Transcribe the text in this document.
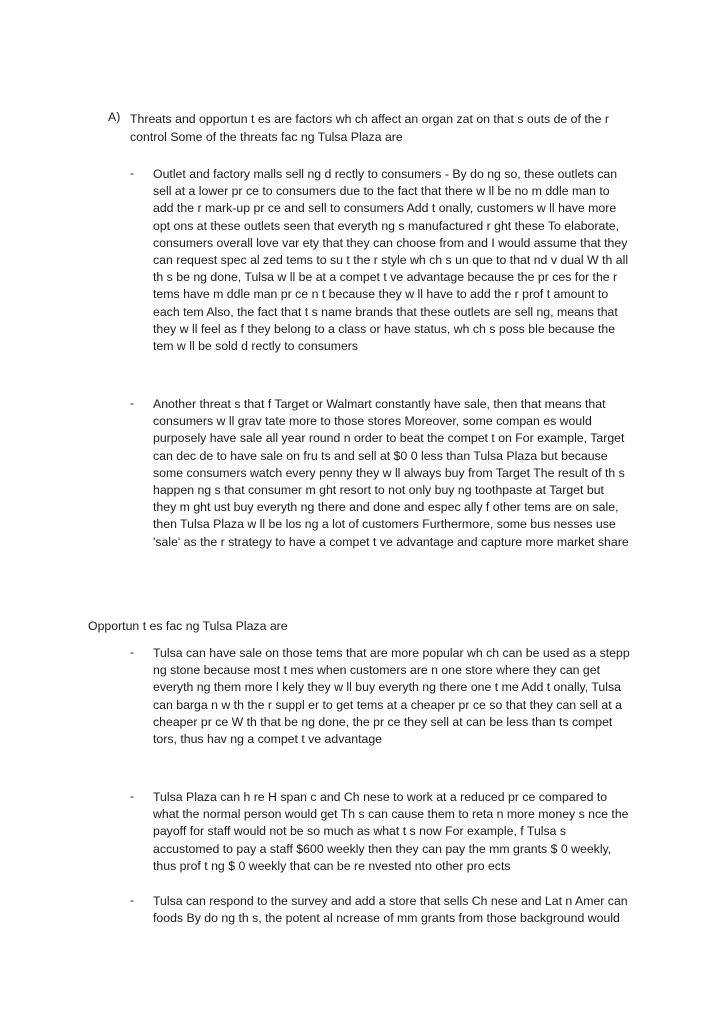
A) Threats and opportun t es are factors wh ch affect an organ zat on that s outs de of the r control Some of the threats fac ng Tulsa Plaza are
- Outlet and factory malls sell ng d rectly to consumers - By do ng so, these outlets can sell at a lower pr ce to consumers due to the fact that there w ll be no m ddle man to add the r mark-up pr ce and sell to consumers Add t onally, customers w ll have more opt ons at these outlets seen that everyth ng s manufactured r ght these To elaborate, consumers overall love var ety that they can choose from and I would assume that they can request spec al zed tems to su t the r style wh ch s un que to that nd v dual W th all th s be ng done, Tulsa w ll be at a compet t ve advantage because the pr ces for the r tems have m ddle man pr ce n t because they w ll have to add the r prof t amount to each tem Also, the fact that t s name brands that these outlets are sell ng, means that they w ll feel as f they belong to a class or have status, wh ch s poss ble because the tem w ll be sold d rectly to consumers
- Another threat s that f Target or Walmart constantly have sale, then that means that consumers w ll grav tate more to those stores Moreover, some compan es would purposely have sale all year round n order to beat the compet t on For example, Target can dec de to have sale on fru ts and sell at $0 0 less than Tulsa Plaza but because some consumers watch every penny they w ll always buy from Target The result of th s happen ng s that consumer m ght resort to not only buy ng toothpaste at Target but they m ght ust buy everyth ng there and done and espec ally f other tems are on sale, then Tulsa Plaza w ll be los ng a lot of customers Furthermore, some bus nesses use 'sale' as the r strategy to have a compet t ve advantage and capture more market share
Opportun t es fac ng Tulsa Plaza are
- Tulsa can have sale on those tems that are more popular wh ch can be used as a stepp ng stone because most t mes when customers are n one store where they can get everyth ng them more l kely they w ll buy everyth ng there one t me Add t onally, Tulsa can barga n w th the r suppl er to get tems at a cheaper pr ce so that they can sell at a cheaper pr ce W th that be ng done, the pr ce they sell at can be less than ts compet tors, thus hav ng a compet t ve advantage
- Tulsa Plaza can h re H span c and Ch nese to work at a reduced pr ce compared to what the normal person would get Th s can cause them to reta n more money s nce the payoff for staff would not be so much as what t s now For example, f Tulsa s accustomed to pay a staff $600 weekly then they can pay the mm grants $ 0 weekly, thus prof t ng $ 0 weekly that can be re nvested nto other pro ects
- Tulsa can respond to the survey and add a store that sells Ch nese and Lat n Amer can foods By do ng th s, the potent al ncrease of mm grants from those background would
